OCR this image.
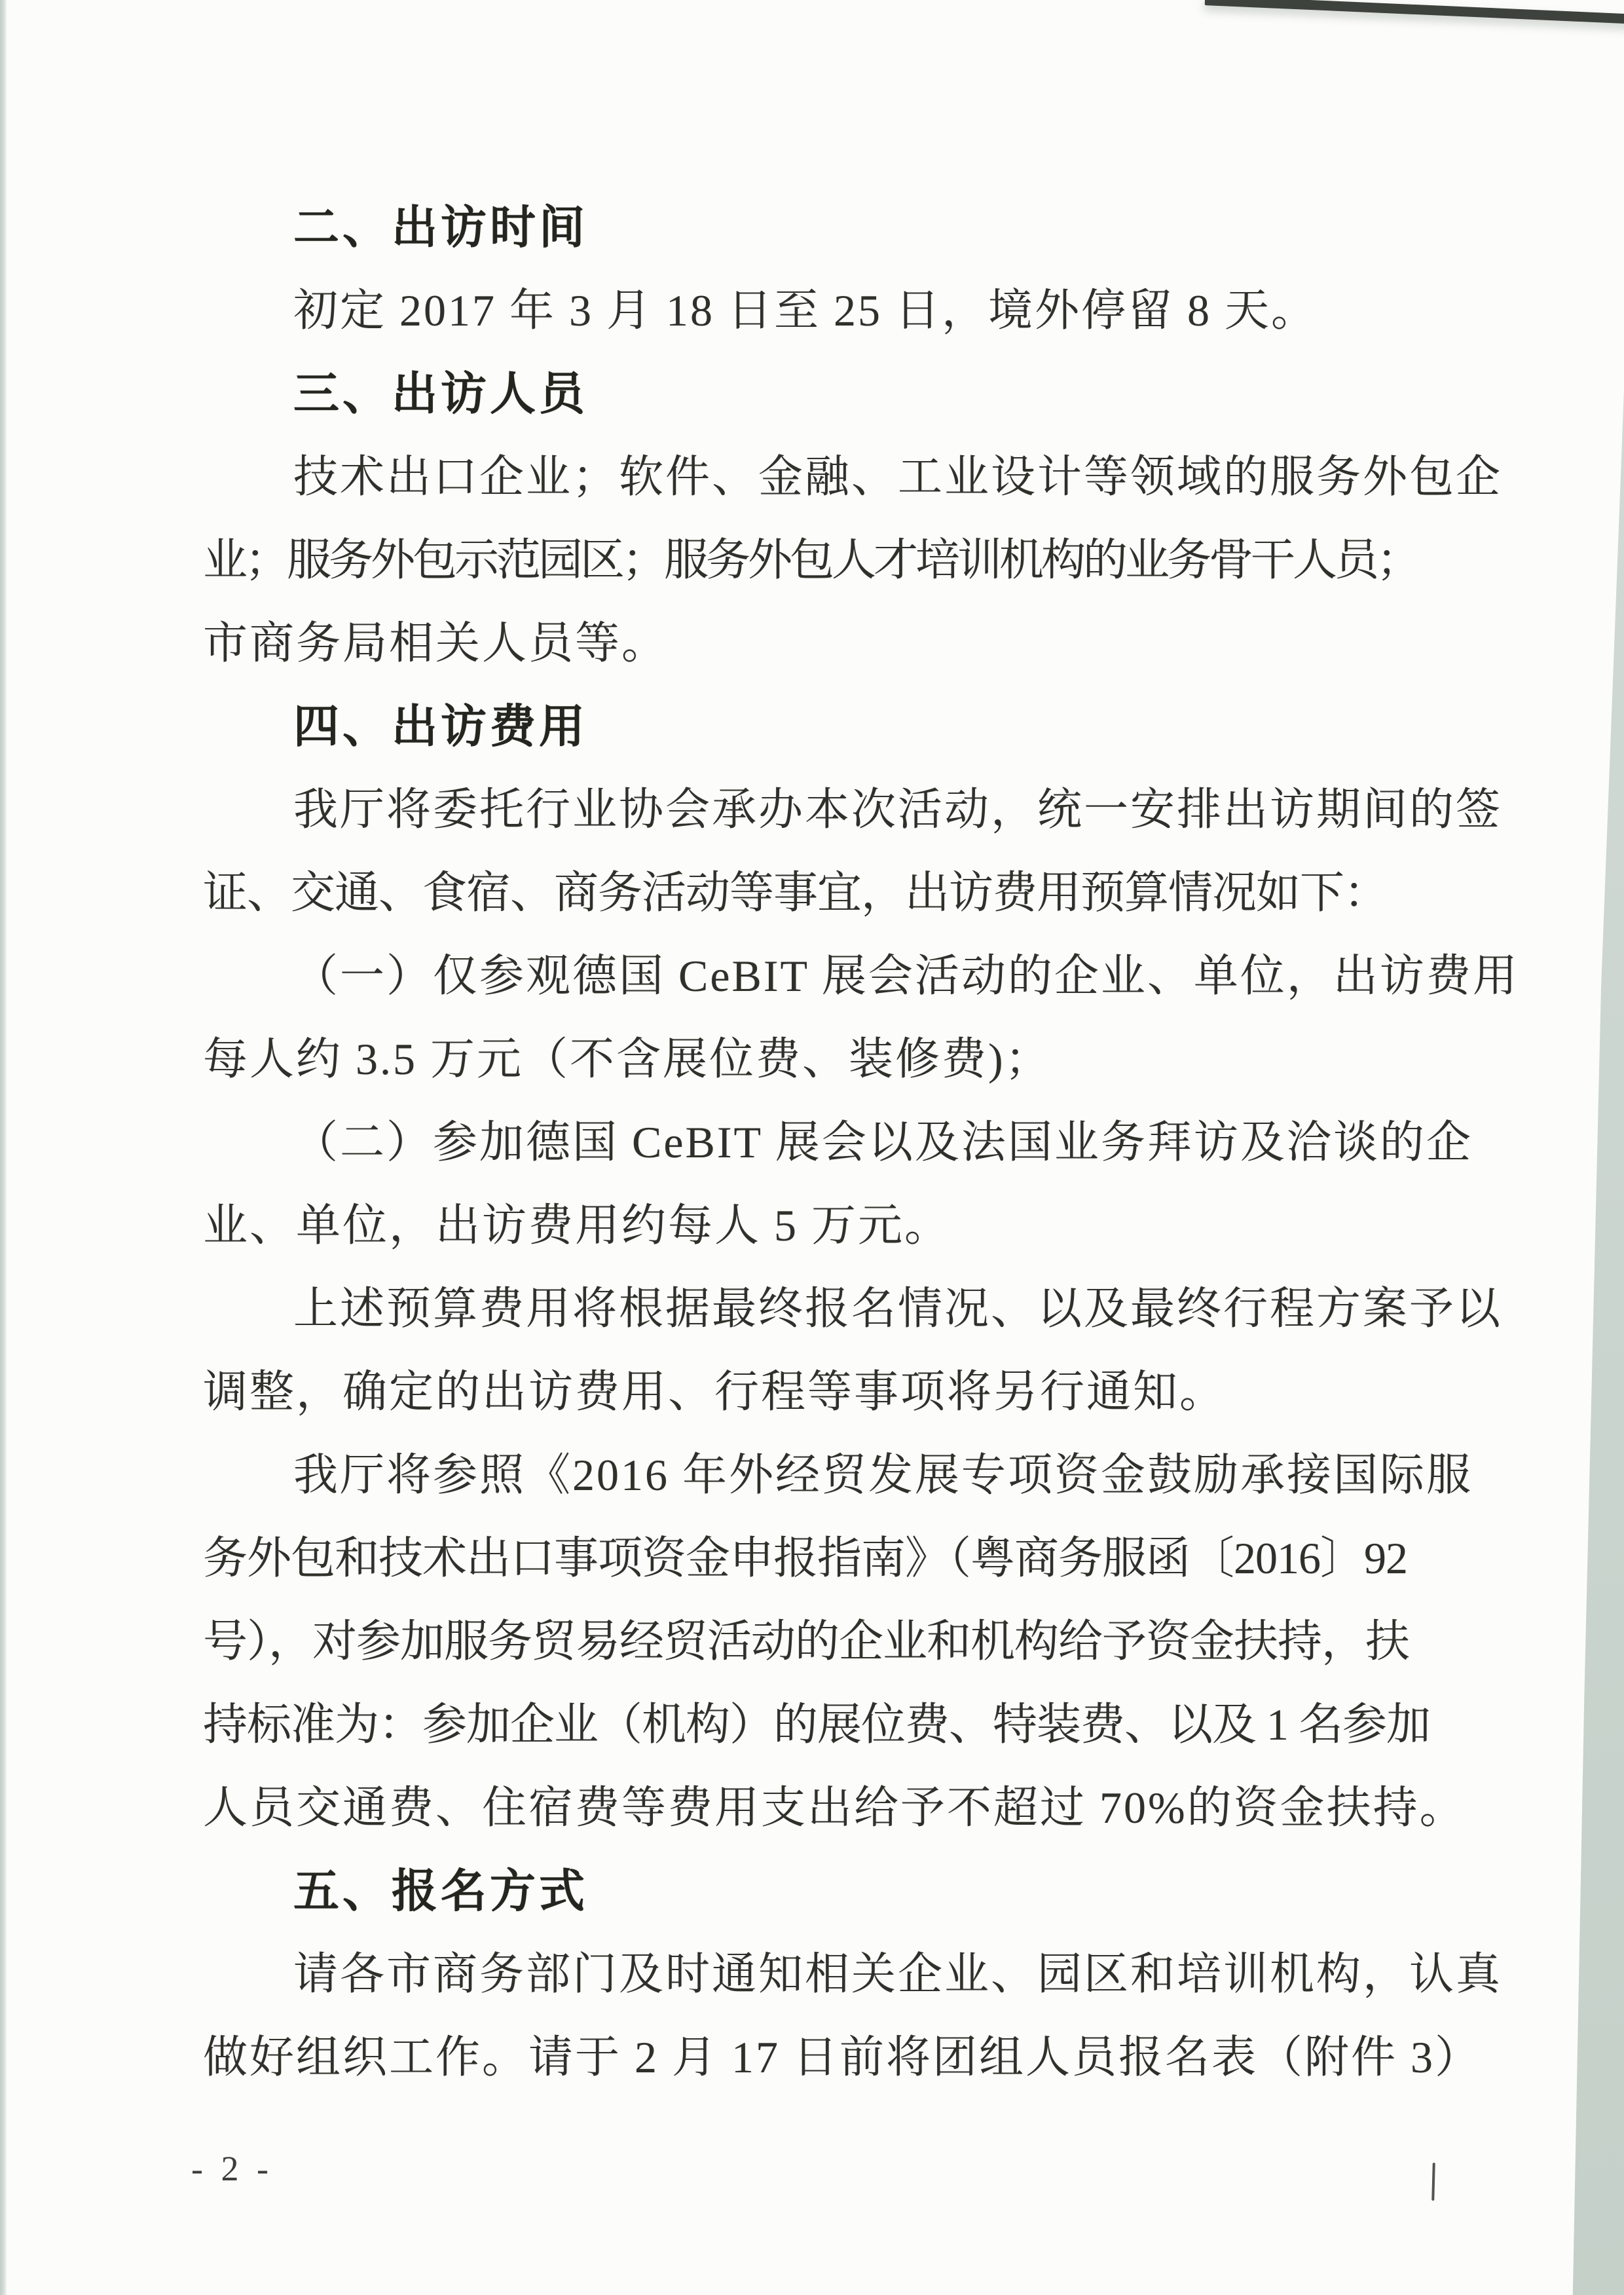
二、出访时间
初定 2017 年 3 月 18 日至 25 日，境外停留 8 天。
三、出访人员
技术出口企业；软件、金融、工业设计等领域的服务外包企
业；服务外包示范园区；服务外包人才培训机构的业务骨干人员；
市商务局相关人员等。
四、出访费用
我厅将委托行业协会承办本次活动，统一安排出访期间的签
证、交通、食宿、商务活动等事宜，出访费用预算情况如下：
（一）仅参观德国 CeBIT 展会活动的企业、单位，出访费用
每人约 3.5 万元（不含展位费、装修费)；
（二）参加德国 CeBIT 展会以及法国业务拜访及洽谈的企
业、单位，出访费用约每人 5 万元。
上述预算费用将根据最终报名情况、以及最终行程方案予以
调整，确定的出访费用、行程等事项将另行通知。
我厅将参照《2016 年外经贸发展专项资金鼓励承接国际服
务外包和技术出口事项资金申报指南》（粤商务服函〔2016〕92
号），对参加服务贸易经贸活动的企业和机构给予资金扶持，扶
持标准为：参加企业（机构）的展位费、特装费、以及 1 名参加
人员交通费、住宿费等费用支出给予不超过 70%的资金扶持。
五、报名方式
请各市商务部门及时通知相关企业、园区和培训机构，认真
做好组织工作。请于 2 月 17 日前将团组人员报名表（附件 3）
- 2 -
